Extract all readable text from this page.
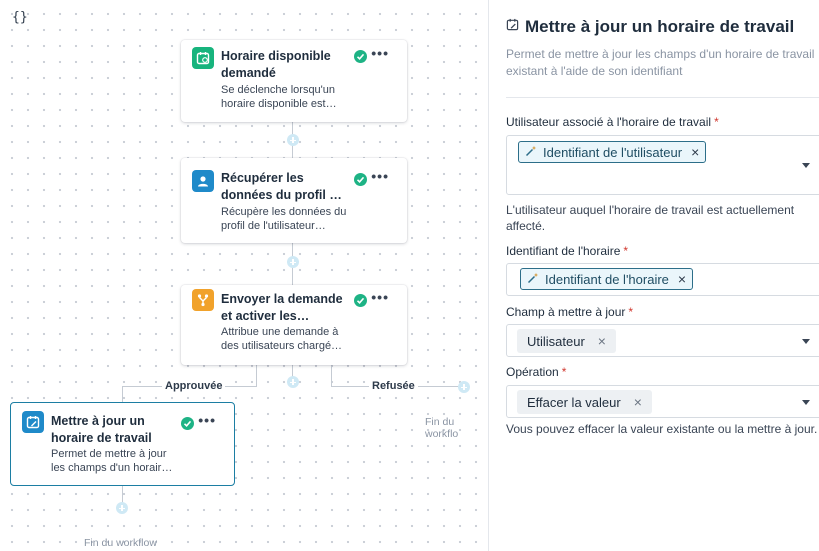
{}
Approuvée	Refusée
Fin du workflo
Fin du workflow
Horaire disponible demandé
Se déclenche lorsqu'un horaire disponible est…
•••
Récupérer les données du profil …
Récupère les données du profil de l'utilisateur…
•••
Envoyer la demande et activer les…
Attribue une demande à des utilisateurs chargé…
•••
Mettre à jour un horaire de travail
Permet de mettre à jour les champs d'un horair…
•••
Mettre à jour un horaire de travail
Permet de mettre à jour les champs d'un horaire de travail existant à l'aide de son identifiant
Utilisateur associé à l'horaire de travail *
Identifiant de l'utilisateur ×
L'utilisateur auquel l'horaire de travail est actuellement affecté.
Identifiant de l'horaire *
Identifiant de l'horaire ×
Champ à mettre à jour *
Utilisateur ×
Opération *
Effacer la valeur ×
Vous pouvez effacer la valeur existante ou la mettre à jour.
